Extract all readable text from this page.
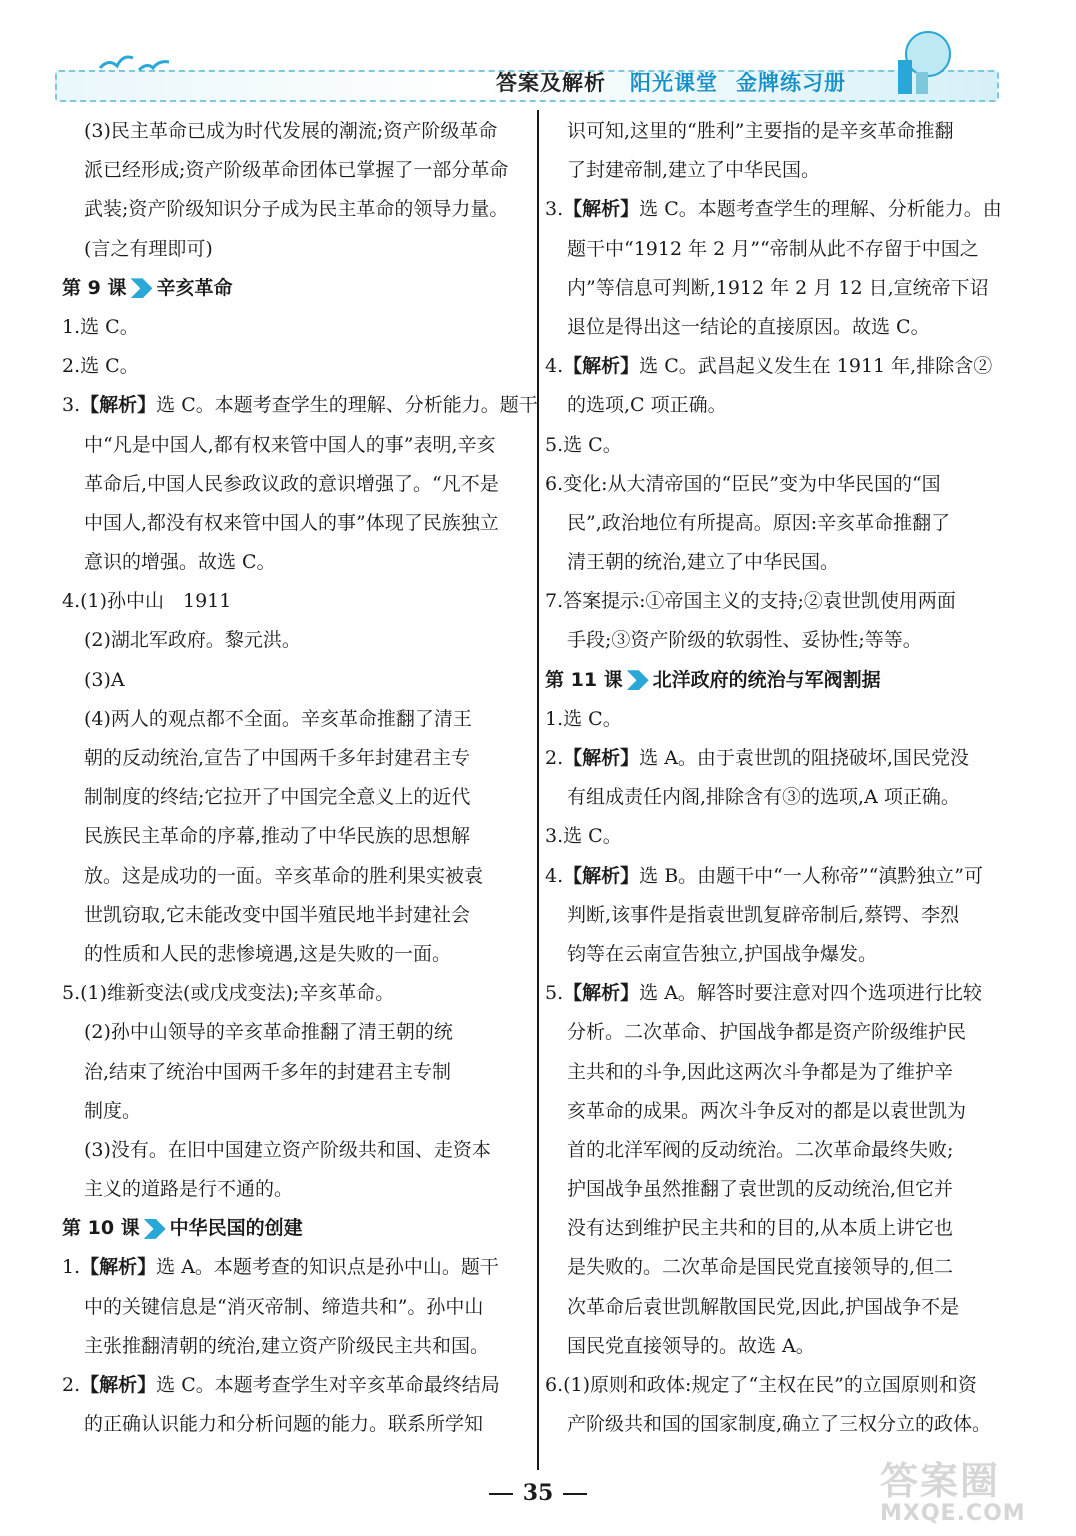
答案及解析 阳光课堂 金牌练习册
(3)民主革命已成为时代发展的潮流;资产阶级革命
派已经形成;资产阶级革命团体已掌握了一部分革命
武装;资产阶级知识分子成为民主革命的领导力量。
(言之有理即可)
第 9 课 辛亥革命
1.选 C。
2.选 C。
3.【解析】选 C。本题考查学生的理解、分析能力。题干
中“凡是中国人,都有权来管中国人的事”表明,辛亥
革命后,中国人民参政议政的意识增强了。“凡不是
中国人,都没有权来管中国人的事”体现了民族独立
意识的增强。故选 C。
4.(1)孙中山　1911
(2)湖北军政府。黎元洪。
(3)A
(4)两人的观点都不全面。辛亥革命推翻了清王
朝的反动统治,宣告了中国两千多年封建君主专
制制度的终结;它拉开了中国完全意义上的近代
民族民主革命的序幕,推动了中华民族的思想解
放。这是成功的一面。辛亥革命的胜利果实被袁
世凯窃取,它未能改变中国半殖民地半封建社会
的性质和人民的悲惨境遇,这是失败的一面。
5.(1)维新变法(或戊戌变法);辛亥革命。
(2)孙中山领导的辛亥革命推翻了清王朝的统
治,结束了统治中国两千多年的封建君主专制
制度。
(3)没有。在旧中国建立资产阶级共和国、走资本
主义的道路是行不通的。
第 10 课 中华民国的创建
1.【解析】选 A。本题考查的知识点是孙中山。题干
中的关键信息是“消灭帝制、缔造共和”。孙中山
主张推翻清朝的统治,建立资产阶级民主共和国。
2.【解析】选 C。本题考查学生对辛亥革命最终结局
的正确认识能力和分析问题的能力。联系所学知
识可知,这里的“胜利”主要指的是辛亥革命推翻
了封建帝制,建立了中华民国。
3.【解析】选 C。本题考查学生的理解、分析能力。由
题干中“1912 年 2 月”“帝制从此不存留于中国之
内”等信息可判断,1912 年 2 月 12 日,宣统帝下诏
退位是得出这一结论的直接原因。故选 C。
4.【解析】选 C。武昌起义发生在 1911 年,排除含②
的选项,C 项正确。
5.选 C。
6.变化:从大清帝国的“臣民”变为中华民国的“国
民”,政治地位有所提高。原因:辛亥革命推翻了
清王朝的统治,建立了中华民国。
7.答案提示:①帝国主义的支持;②袁世凯使用两面
手段;③资产阶级的软弱性、妥协性;等等。
第 11 课 北洋政府的统治与军阀割据
1.选 C。
2.【解析】选 A。由于袁世凯的阻挠破坏,国民党没
有组成责任内阁,排除含有③的选项,A 项正确。
3.选 C。
4.【解析】选 B。由题干中“一人称帝”“滇黔独立”可
判断,该事件是指袁世凯复辟帝制后,蔡锷、李烈
钧等在云南宣告独立,护国战争爆发。
5.【解析】选 A。解答时要注意对四个选项进行比较
分析。二次革命、护国战争都是资产阶级维护民
主共和的斗争,因此这两次斗争都是为了维护辛
亥革命的成果。两次斗争反对的都是以袁世凯为
首的北洋军阀的反动统治。二次革命最终失败;
护国战争虽然推翻了袁世凯的反动统治,但它并
没有达到维护民主共和的目的,从本质上讲它也
是失败的。二次革命是国民党直接领导的,但二
次革命后袁世凯解散国民党,因此,护国战争不是
国民党直接领导的。故选 A。
6.(1)原则和政体:规定了“主权在民”的立国原则和资
产阶级共和国的国家制度,确立了三权分立的政体。
35	答案圈
MXQE.COM
